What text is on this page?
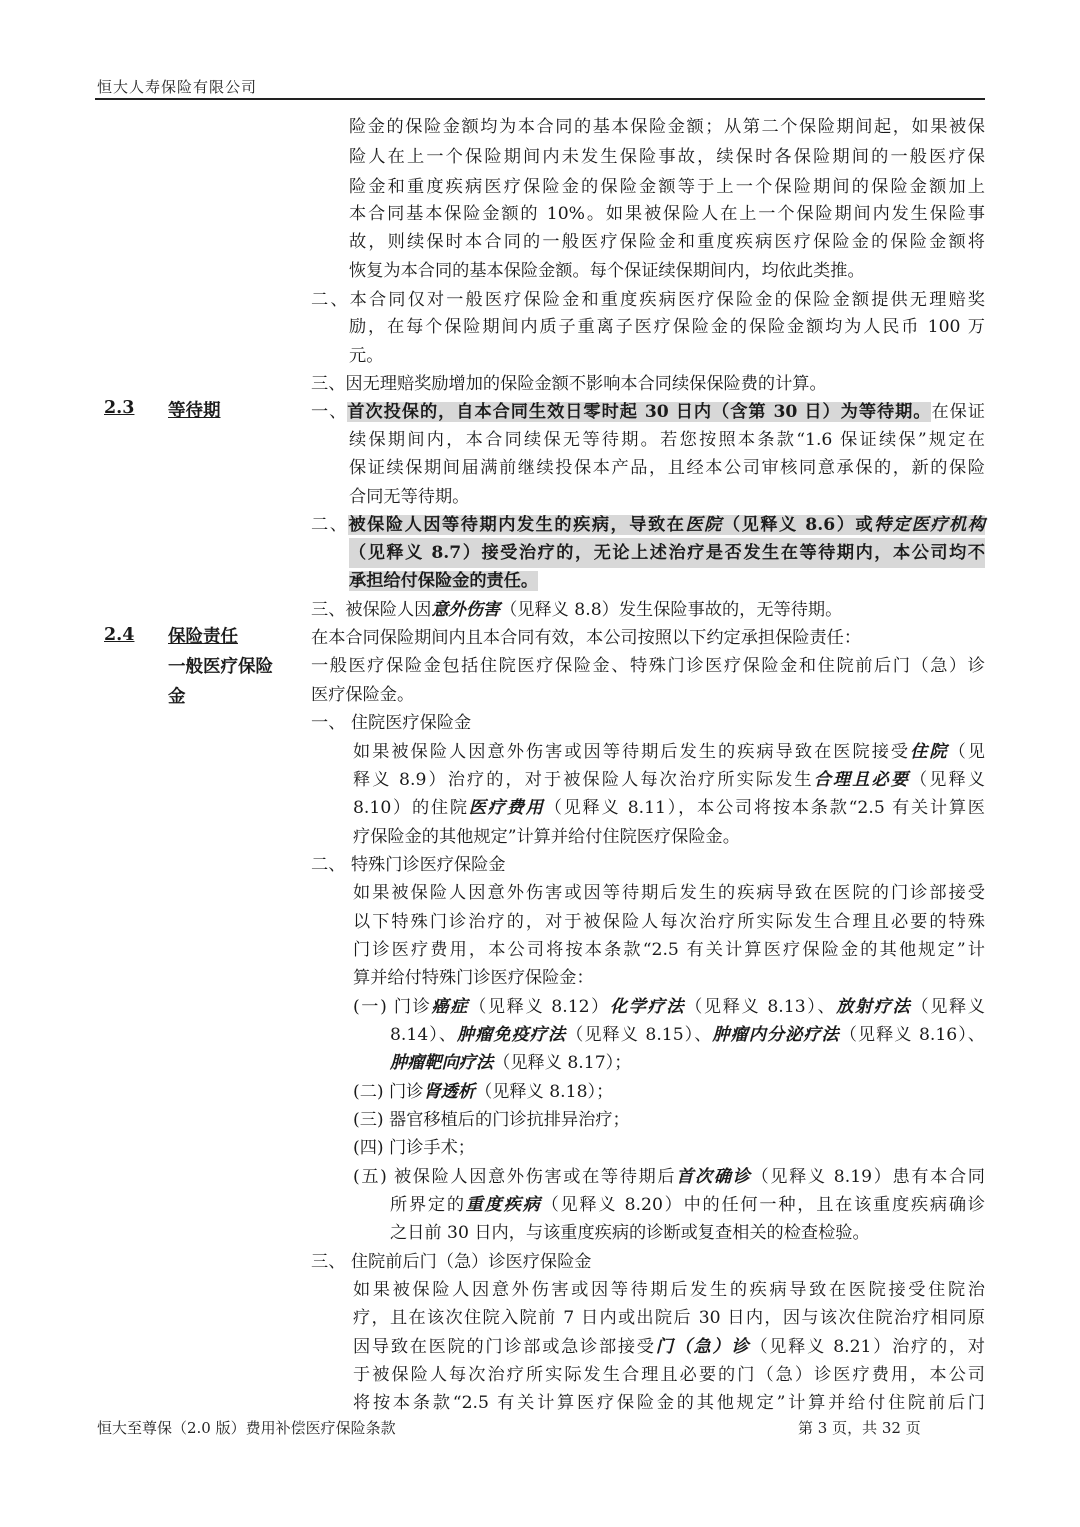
恒大人寿保险有限公司
险金的保险金额均为本合同的基本保险金额；从第二个保险期间起，如果被保
险人在上一个保险期间内未发生保险事故，续保时各保险期间的一般医疗保
险金和重度疾病医疗保险金的保险金额等于上一个保险期间的保险金额加上
本合同基本保险金额的 10%。如果被保险人在上一个保险期间内发生保险事
故，则续保时本合同的一般医疗保险金和重度疾病医疗保险金的保险金额将
恢复为本合同的基本保险金额。每个保证续保期间内，均依此类推。
二、本合同仅对一般医疗保险金和重度疾病医疗保险金的保险金额提供无理赔奖
励，在每个保险期间内质子重离子医疗保险金的保险金额均为人民币 100 万
元。
三、因无理赔奖励增加的保险金额不影响本合同续保保险费的计算。
2.3 等待期	一、首次投保的，自本合同生效日零时起 30 日内（含第 30 日）为等待期。在保证
续保期间内，本合同续保无等待期。若您按照本条款“1.6 保证续保”规定在
保证续保期间届满前继续投保本产品，且经本公司审核同意承保的，新的保险
合同无等待期。
二、被保险人因等待期内发生的疾病，导致在医院（见释义 8.6）或特定医疗机构
（见释义 8.7）接受治疗的，无论上述治疗是否发生在等待期内，本公司均不
承担给付保险金的责任。
三、被保险人因意外伤害（见释义 8.8）发生保险事故的，无等待期。
2.4 保险责任
一般医疗保险
金
在本合同保险期间内且本合同有效，本公司按照以下约定承担保险责任：
一般医疗保险金包括住院医疗保险金、特殊门诊医疗保险金和住院前后门（急）诊
医疗保险金。
一、 住院医疗保险金
如果被保险人因意外伤害或因等待期后发生的疾病导致在医院接受住院（见
释义 8.9）治疗的，对于被保险人每次治疗所实际发生合理且必要（见释义
8.10）的住院医疗费用（见释义 8.11），本公司将按本条款“2.5 有关计算医
疗保险金的其他规定”计算并给付住院医疗保险金。
二、 特殊门诊医疗保险金
如果被保险人因意外伤害或因等待期后发生的疾病导致在医院的门诊部接受
以下特殊门诊治疗的，对于被保险人每次治疗所实际发生合理且必要的特殊
门诊医疗费用，本公司将按本条款“2.5 有关计算医疗保险金的其他规定”计
算并给付特殊门诊医疗保险金：
(一) 门诊癌症（见释义 8.12）化学疗法（见释义 8.13）、放射疗法（见释义
8.14）、肿瘤免疫疗法（见释义 8.15）、肿瘤内分泌疗法（见释义 8.16）、
肿瘤靶向疗法（见释义 8.17）；
(二) 门诊肾透析（见释义 8.18）；
(三) 器官移植后的门诊抗排异治疗；
(四) 门诊手术；
(五) 被保险人因意外伤害或在等待期后首次确诊（见释义 8.19）患有本合同
所界定的重度疾病（见释义 8.20）中的任何一种，且在该重度疾病确诊
之日前 30 日内，与该重度疾病的诊断或复查相关的检查检验。
三、 住院前后门（急）诊医疗保险金
如果被保险人因意外伤害或因等待期后发生的疾病导致在医院接受住院治
疗，且在该次住院入院前 7 日内或出院后 30 日内，因与该次住院治疗相同原
因导致在医院的门诊部或急诊部接受门（急）诊（见释义 8.21）治疗的，对
于被保险人每次治疗所实际发生合理且必要的门（急）诊医疗费用，本公司
将按本条款“2.5 有关计算医疗保险金的其他规定”计算并给付住院前后门
恒大至尊保（2.0 版）费用补偿医疗保险条款	第 3 页，共 32 页
